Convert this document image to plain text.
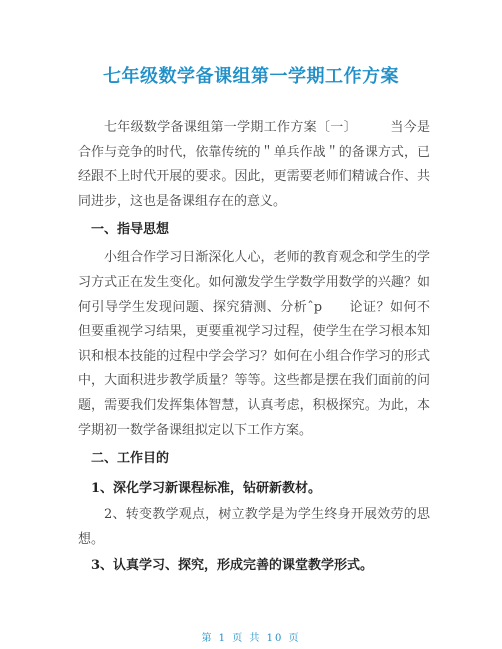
七年级数学备课组第一学期工作方案

七年级数学备课组第一学期工作方案〔一〕　　　当今是合作与竞争的时代，依靠传统的＂单兵作战＂的备课方式，已经跟不上时代开展的要求。因此，更需要老师们精诚合作、共同进步，这也是备课组存在的意义。

一、指导思想

小组合作学习日渐深化人心，老师的教育观念和学生的学习方式正在发生变化。如何激发学生学数学用数学的兴趣？如何引导学生发现问题、探究猜测、分析ˆp　　论证？如何不但要重视学习结果，更要重视学习过程，使学生在学习根本知识和根本技能的过程中学会学习？如何在小组合作学习的形式中，大面积进步教学质量？等等。这些都是摆在我们面前的问题，需要我们发挥集体智慧，认真考虑，积极探究。为此，本学期初一数学备课组拟定以下工作方案。

二、工作目的
1、深化学习新课程标准，钻研新教材。

2、转变教学观点，树立教学是为学生终身开展效劳的思想。

3、认真学习、探究，形成完善的课堂教学形式。
第 1 页 共 10 页
